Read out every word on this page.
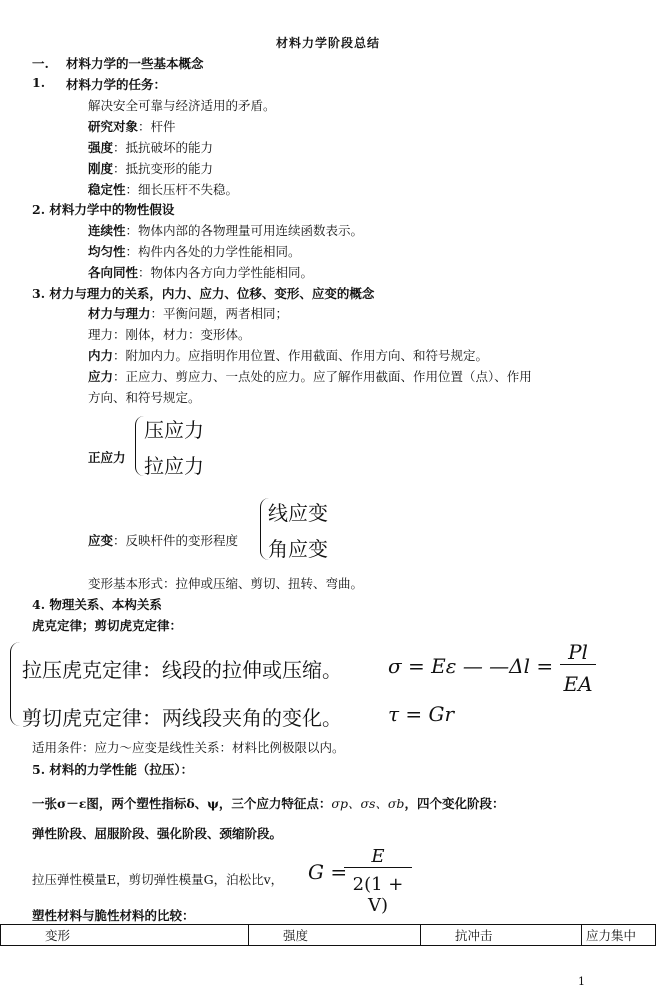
材料力学阶段总结
一. 材料力学的一些基本概念
1. 材料力学的任务：
解决安全可靠与经济适用的矛盾。
研究对象：杆件
强度：抵抗破坏的能力
刚度：抵抗变形的能力
稳定性：细长压杆不失稳。
2. 材料力学中的物性假设
连续性：物体内部的各物理量可用连续函数表示。
均匀性：构件内各处的力学性能相同。
各向同性：物体内各方向力学性能相同。
3. 材力与理力的关系，内力、应力、位移、变形、应变的概念
材力与理力：平衡问题，两者相同；
理力：刚体，材力：变形体。
内力：附加内力。应指明作用位置、作用截面、作用方向、和符号规定。
应力：正应力、剪应力、一点处的应力。应了解作用截面、作用位置（点）、作用
方向、和符号规定。
正应力
压应力
拉应力
应变：反映杆件的变形程度
线应变
角应变
变形基本形式：拉伸或压缩、剪切、扭转、弯曲。
4. 物理关系、本构关系
虎克定律；剪切虎克定律：
拉压虎克定律：线段的拉伸或压缩。 σ = Eε — —Δl =
Pl
EA
剪切虎克定律：两线段夹角的变化。 τ = Gr
适用条件：应力～应变是线性关系：材料比例极限以内。
5. 材料的力学性能（拉压）：
一张σ－ε图，两个塑性指标δ、ψ，三个应力特征点：σp、σs、σb，四个变化阶段：
弹性阶段、屈服阶段、强化阶段、颈缩阶段。
拉压弹性模量E，剪切弹性模量G，泊松比v， G =
E
2(1 + V)
塑性材料与脆性材料的比较：
变形	强度	抗冲击	应力集中
1
